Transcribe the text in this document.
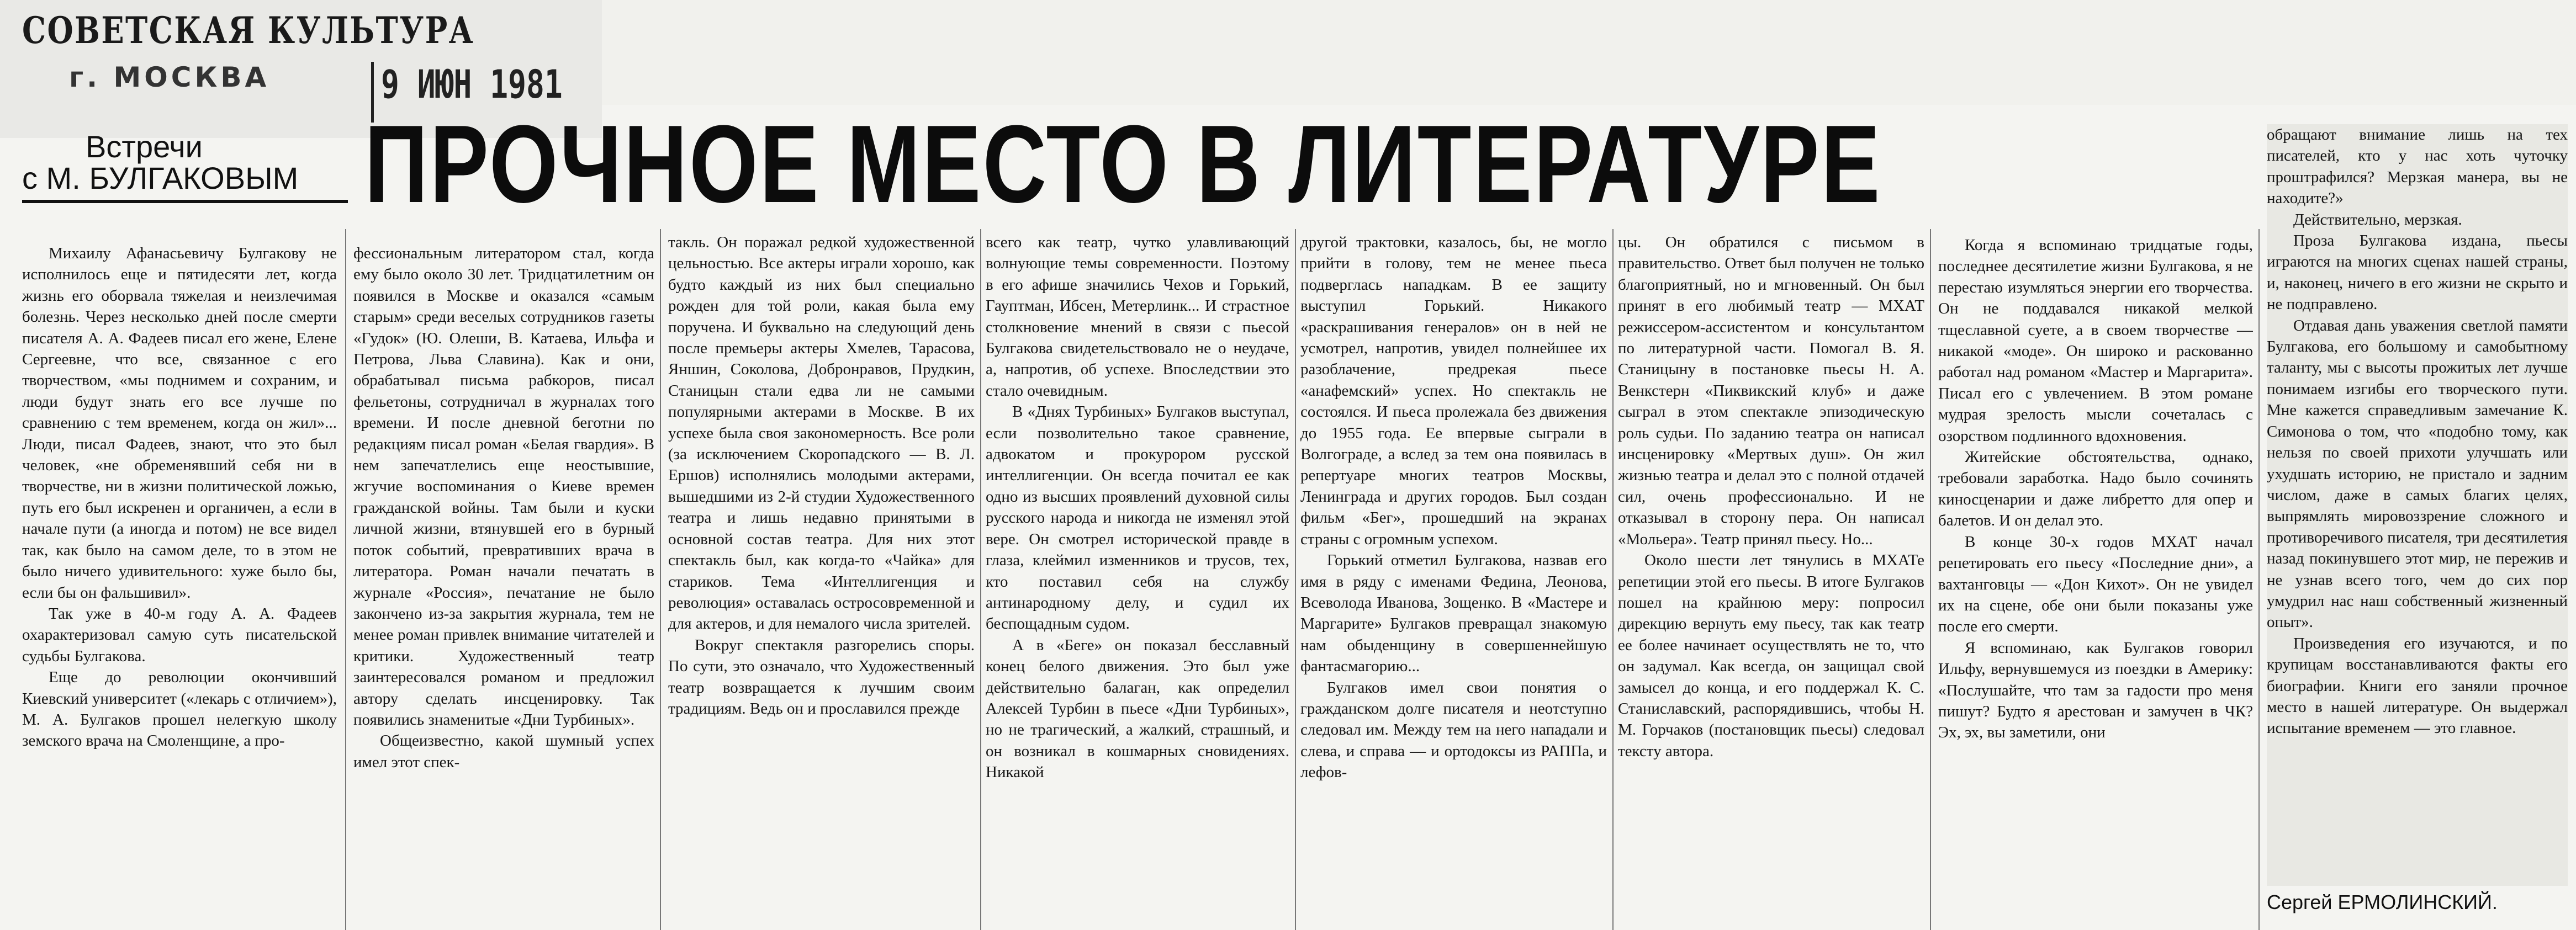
СОВЕТСКАЯ КУЛЬТУРА
г. МОСКВА	9 ИЮН 1981
Встречи
с М. БУЛГАКОВЫМ ПРОЧНОЕ МЕСТО В ЛИТЕРАТУРЕ

Михаилу Афанасьевичу Булгакову не исполнилось еще и пятидесяти лет, когда жизнь его оборвала тяжелая и неизлечимая болезнь. Через несколько дней после смерти писателя А. А. Фадеев писал его жене, Елене Сергеевне, что все, связанное с его творчеством, «мы поднимем и сохраним, и люди будут знать его все лучше по сравнению с тем временем, когда он жил»... Люди, писал Фадеев, знают, что это был человек, «не обременявший себя ни в творчестве, ни в жизни политической ложью, путь его был искренен и органичен, а если в начале пути (а иногда и потом) не все видел так, как было на самом деле, то в этом не было ничего удивительного: хуже было бы, если бы он фальшивил».

Так уже в 40-м году А. А. Фадеев охарактеризовал самую суть писательской судьбы Булгакова.

Еще до революции окончивший Киевский университет («лекарь с отличием»), М. А. Булгаков прошел нелегкую школу земского врача на Смоленщине, а про-

фессиональным литератором стал, когда ему было около 30 лет. Тридцатилетним он появился в Москве и оказался «самым старым» среди веселых сотрудников газеты «Гудок» (Ю. Олеши, В. Катаева, Ильфа и Петрова, Льва Славина). Как и они, обрабатывал письма рабкоров, писал фельетоны, сотрудничал в журналах того времени. И после дневной беготни по редакциям писал роман «Белая гвардия». В нем запечатлелись еще неостывшие, жгучие воспоминания о Киеве времен гражданской войны. Там были и куски личной жизни, втянувшей его в бурный поток событий, превративших врача в литератора. Роман начали печатать в журнале «Россия», печатание не было закончено из-за закрытия журнала, тем не менее роман привлек внимание читателей и критики. Художественный театр заинтересовался романом и предложил автору сделать инсценировку. Так появились знаменитые «Дни Турбиных».

Общеизвестно, какой шумный успех имел этот спек-

такль. Он поражал редкой художественной цельностью. Все актеры играли хорошо, как будто каждый из них был специально рожден для той роли, какая была ему поручена. И буквально на следующий день после премьеры актеры Хмелев, Тарасова, Яншин, Соколова, Добронравов, Прудкин, Станицын стали едва ли не самыми популярными актерами в Москве. В их успехе была своя закономерность. Все роли (за исключением Скоропадского — В. Л. Ершов) исполнялись молодыми актерами, вышедшими из 2-й студии Художественного театра и лишь недавно принятыми в основной состав театра. Для них этот спектакль был, как когда-то «Чайка» для стариков. Тема «Интеллигенция и революция» оставалась остросовременной и для актеров, и для немалого числа зрителей.

Вокруг спектакля разгорелись споры. По сути, это означало, что Художественный театр возвращается к лучшим своим традициям. Ведь он и прославился прежде

всего как театр, чутко улавливающий волнующие темы современности. Поэтому в его афише значились Чехов и Горький, Гауптман, Ибсен, Метерлинк... И страстное столкновение мнений в связи с пьесой Булгакова свидетельствовало не о неудаче, а, напротив, об успехе. Впоследствии это стало очевидным.

В «Днях Турбиных» Булгаков выступал, если позволительно такое сравнение, адвокатом и прокурором русской интеллигенции. Он всегда почитал ее как одно из высших проявлений духовной силы русского народа и никогда не изменял этой вере. Он смотрел исторической правде в глаза, клеймил изменников и трусов, тех, кто поставил себя на службу антинародному делу, и судил их беспощадным судом.

А в «Беге» он показал бесславный конец белого движения. Это был уже действительно балаган, как определил Алексей Турбин в пьесе «Дни Турбиных», но не трагический, а жалкий, страшный, и он возникал в кошмарных сновидениях. Никакой

другой трактовки, казалось, бы, не могло прийти в голову, тем не менее пьеса подверглась нападкам. В ее защиту выступил Горький. Никакого «раскрашивания генералов» он в ней не усмотрел, напротив, увидел полнейшее их разоблачение, предрекая пьесе «анафемский» успех. Но спектакль не состоялся. И пьеса пролежала без движения до 1955 года. Ее впервые сыграли в Волгограде, а вслед за тем она появилась в репертуаре многих театров Москвы, Ленинграда и других городов. Был создан фильм «Бег», прошедший на экранах страны с огромным успехом.

Горький отметил Булгакова, назвав его имя в ряду с именами Федина, Леонова, Всеволода Иванова, Зощенко. В «Мастере и Маргарите» Булгаков превращал знакомую нам обыденщину в совершеннейшую фантасмагорию...

Булгаков имел свои понятия о гражданском долге писателя и неотступно следовал им. Между тем на него нападали и слева, и справа — и ортодоксы из РАППа, и лефов-

цы. Он обратился с письмом в правительство. Ответ был получен не только благоприятный, но и мгновенный. Он был принят в его любимый театр — МХАТ режиссером-ассистентом и консультантом по литературной части. Помогал В. Я. Станицыну в постановке пьесы Н. А. Венкстерн «Пиквикский клуб» и даже сыграл в этом спектакле эпизодическую роль судьи. По заданию театра он написал инсценировку «Мертвых душ». Он жил жизнью театра и делал это с полной отдачей сил, очень профессионально. И не отказывал в сторону пера. Он написал «Мольера». Театр принял пьесу. Но...

Около шести лет тянулись в МХАТе репетиции этой его пьесы. В итоге Булгаков пошел на крайнюю меру: попросил дирекцию вернуть ему пьесу, так как театр ее более начинает осуществлять не то, что он задумал. Как всегда, он защищал свой замысел до конца, и его поддержал К. С. Станиславский, распорядившись, чтобы Н. М. Горчаков (постановщик пьесы) следовал тексту автора.

Когда я вспоминаю тридцатые годы, последнее десятилетие жизни Булгакова, я не перестаю изумляться энергии его творчества. Он не поддавался никакой мелкой тщеславной суете, а в своем творчестве — никакой «моде». Он широко и раскованно работал над романом «Мастер и Маргарита». Писал его с увлечением. В этом романе мудрая зрелость мысли сочеталась с озорством подлинного вдохновения.

Житейские обстоятельства, однако, требовали заработка. Надо было сочинять киносценарии и даже либретто для опер и балетов. И он делал это.

В конце 30-х годов МХАТ начал репетировать его пьесу «Последние дни», а вахтанговцы — «Дон Кихот». Он не увидел их на сцене, обе они были показаны уже после его смерти.

Я вспоминаю, как Булгаков говорил Ильфу, вернувшемуся из поездки в Америку: «Послушайте, что там за гадости про меня пишут? Будто я арестован и замучен в ЧК? Эх, эх, вы заметили, они

обращают внимание лишь на тех писателей, кто у нас хоть чуточку проштрафился? Мерзкая манера, вы не находите?»

Действительно, мерзкая.

Проза Булгакова издана, пьесы играются на многих сценах нашей страны, и, наконец, ничего в его жизни не скрыто и не подправлено.

Отдавая дань уважения светлой памяти Булгакова, его большому и самобытному таланту, мы с высоты прожитых лет лучше понимаем изгибы его творческого пути. Мне кажется справедливым замечание К. Симонова о том, что «подобно тому, как нельзя по своей прихоти улучшать или ухудшать историю, не пристало и задним числом, даже в самых благих целях, выпрямлять мировоззрение сложного и противоречивого писателя, три десятилетия назад покинувшего этот мир, не пережив и не узнав всего того, чем до сих пор умудрил нас наш собственный жизненный опыт».

Произведения его изучаются, и по крупицам восстанавливаются факты его биографии. Книги его заняли прочное место в нашей литературе. Он выдержал испытание временем — это главное.

Сергей ЕРМОЛИНСКИЙ.
